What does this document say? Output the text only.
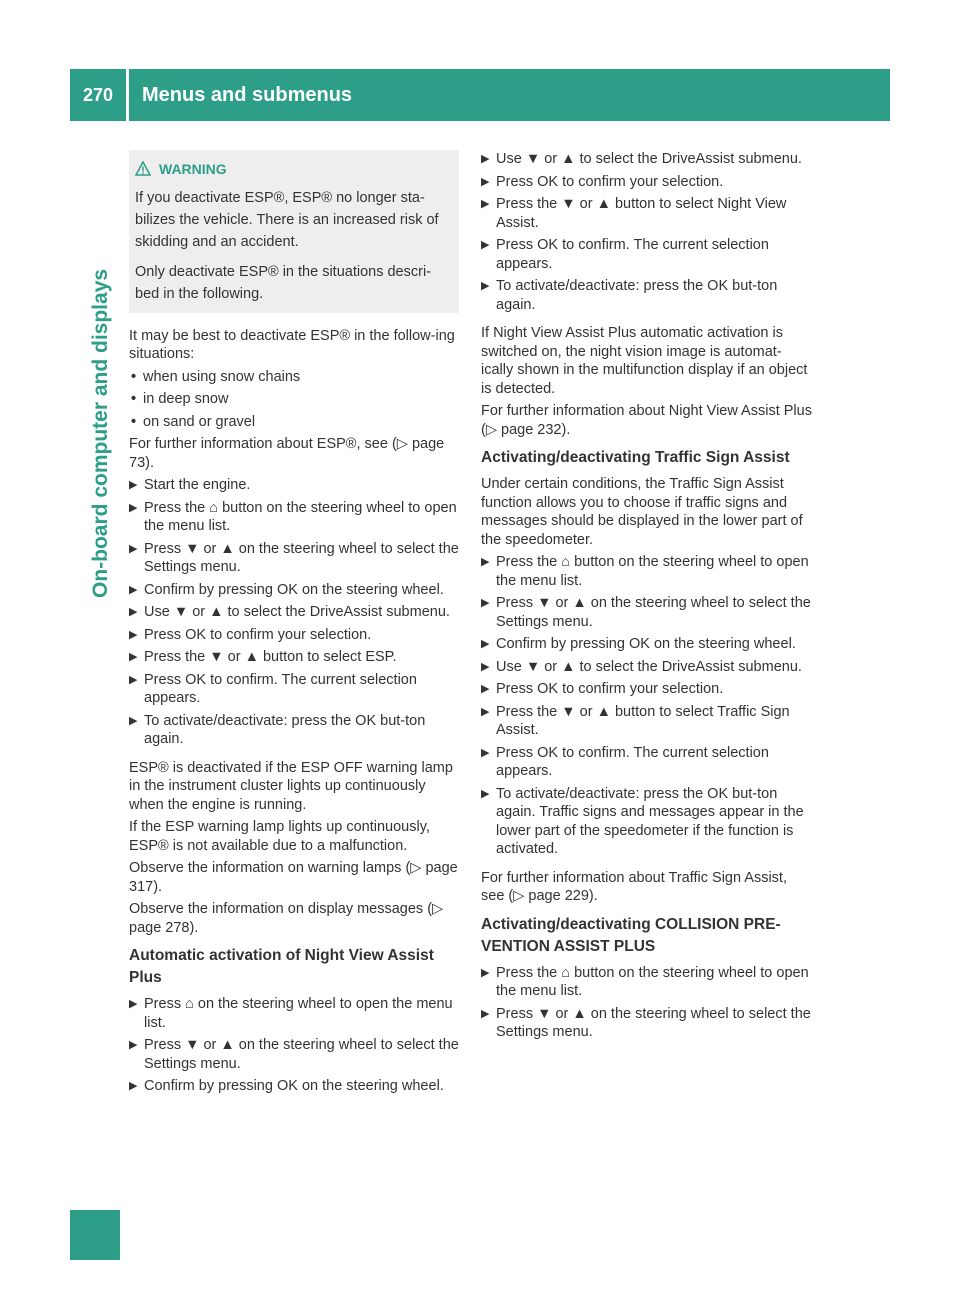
270	Menus and submenus
On-board computer and displays
WARNING

If you deactivate ESP®, ESP® no longer sta-bilizes the vehicle. There is an increased risk of skidding and an accident.

Only deactivate ESP® in the situations descri-bed in the following.

It may be best to deactivate ESP® in the follow-ing situations:

• when using snow chains
• in deep snow
• on sand or gravel

For further information about ESP®, see (▷ page 73).

▶ Start the engine.
▶ Press the ⌂ button on the steering wheel to open the menu list.
▶ Press ▼ or ▲ on the steering wheel to select the Settings menu.
▶ Confirm by pressing OK on the steering wheel.
▶ Use ▼ or ▲ to select the DriveAssist submenu.
▶ Press OK to confirm your selection.
▶ Press the ▼ or ▲ button to select ESP.
▶ Press OK to confirm. The current selection appears.
▶ To activate/deactivate: press the OK but-ton again.

ESP® is deactivated if the ESP OFF warning lamp in the instrument cluster lights up continuously when the engine is running.

If the ESP warning lamp lights up continuously, ESP® is not available due to a malfunction.

Observe the information on warning lamps (▷ page 317).

Observe the information on display messages (▷ page 278).

Automatic activation of Night View Assist Plus
▶ Press ⌂ on the steering wheel to open the menu list.
▶ Press ▼ or ▲ on the steering wheel to select the Settings menu.
▶ Confirm by pressing OK on the steering wheel.
▶ Use ▼ or ▲ to select the DriveAssist submenu.
▶ Press OK to confirm your selection.
▶ Press the ▼ or ▲ button to select Night View Assist.
▶ Press OK to confirm. The current selection appears.
▶ To activate/deactivate: press the OK but-ton again.

If Night View Assist Plus automatic activation is switched on, the night vision image is automat-ically shown in the multifunction display if an object is detected.

For further information about Night View Assist Plus (▷ page 232).

Activating/deactivating Traffic Sign Assist

Under certain conditions, the Traffic Sign Assist function allows you to choose if traffic signs and messages should be displayed in the lower part of the speedometer.

▶ Press the ⌂ button on the steering wheel to open the menu list.
▶ Press ▼ or ▲ on the steering wheel to select the Settings menu.
▶ Confirm by pressing OK on the steering wheel.
▶ Use ▼ or ▲ to select the DriveAssist submenu.
▶ Press OK to confirm your selection.
▶ Press the ▼ or ▲ button to select Traffic Sign Assist.
▶ Press OK to confirm. The current selection appears.
▶ To activate/deactivate: press the OK but-ton again. Traffic signs and messages appear in the lower part of the speedometer if the function is activated.

For further information about Traffic Sign Assist, see (▷ page 229).

Activating/deactivating COLLISION PRE-VENTION ASSIST PLUS
▶ Press the ⌂ button on the steering wheel to open the menu list.
▶ Press ▼ or ▲ on the steering wheel to select the Settings menu.
